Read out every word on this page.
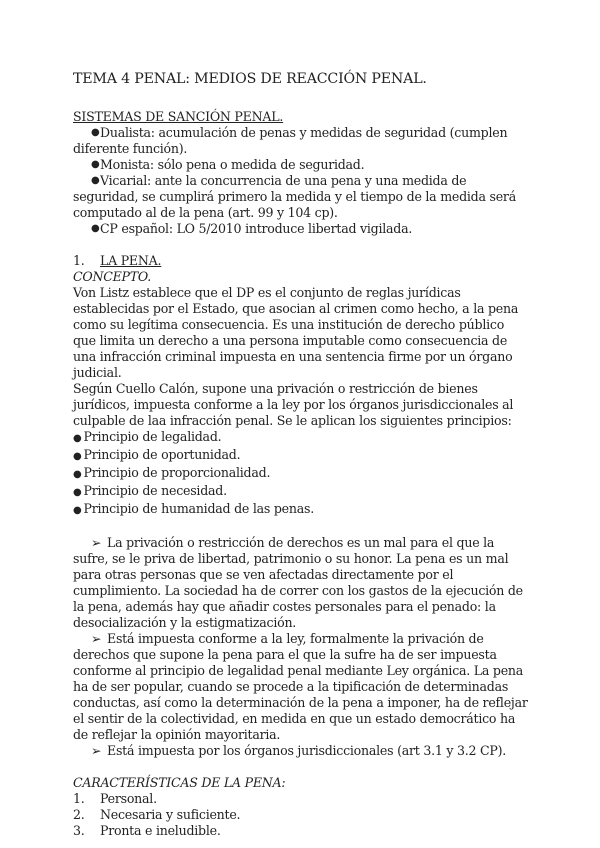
TEMA 4 PENAL: MEDIOS DE REACCIÓN PENAL.

SISTEMAS DE SANCIÓN PENAL.

● Dualista: acumulación de penas y medidas de seguridad (cumplen diferente función).
● Monista: sólo pena o medida de seguridad.
● Vicarial: ante la concurrencia de una pena y una medida de seguridad, se cumplirá primero la medida y el tiempo de la medida será computado al de la pena (art. 99 y 104 cp).
● CP español: LO 5/2010 introduce libertad vigilada.
1. LA PENA.

CONCEPTO.

Von Listz establece que el DP es el conjunto de reglas jurídicas establecidas por el Estado, que asocian al crimen como hecho, a la pena como su legítima consecuencia. Es una institución de derecho público que limita un derecho a una persona imputable como consecuencia de una infracción criminal impuesta en una sentencia firme por un órgano judicial.

Según Cuello Calón, supone una privación o restricción de bienes jurídicos, impuesta conforme a la ley por los órganos jurisdiccionales al culpable de laa infracción penal. Se le aplican los siguientes principios:

● Principio de legalidad.
● Principio de oportunidad.
● Principio de proporcionalidad.
● Principio de necesidad.
● Principio de humanidad de las penas.

➢ La privación o restricción de derechos es un mal para el que la sufre, se le priva de libertad, patrimonio o su honor. La pena es un mal para otras personas que se ven afectadas directamente por el cumplimiento. La sociedad ha de correr con los gastos de la ejecución de la pena, además hay que añadir costes personales para el penado: la desocialización y la estigmatización.

➢ Está impuesta conforme a la ley, formalmente la privación de derechos que supone la pena para el que la sufre ha de ser impuesta conforme al principio de legalidad penal mediante Ley orgánica. La pena ha de ser popular, cuando se procede a la tipificación de determinadas conductas, así como la determinación de la pena a imponer, ha de reflejar el sentir de la colectividad, en medida en que un estado democrático ha de reflejar la opinión mayoritaria.

➢ Está impuesta por los órganos jurisdiccionales (art 3.1 y 3.2 CP).

CARACTERÍSTICAS DE LA PENA:

1. Personal.
2. Necesaria y suficiente.
3. Pronta e ineludible.
